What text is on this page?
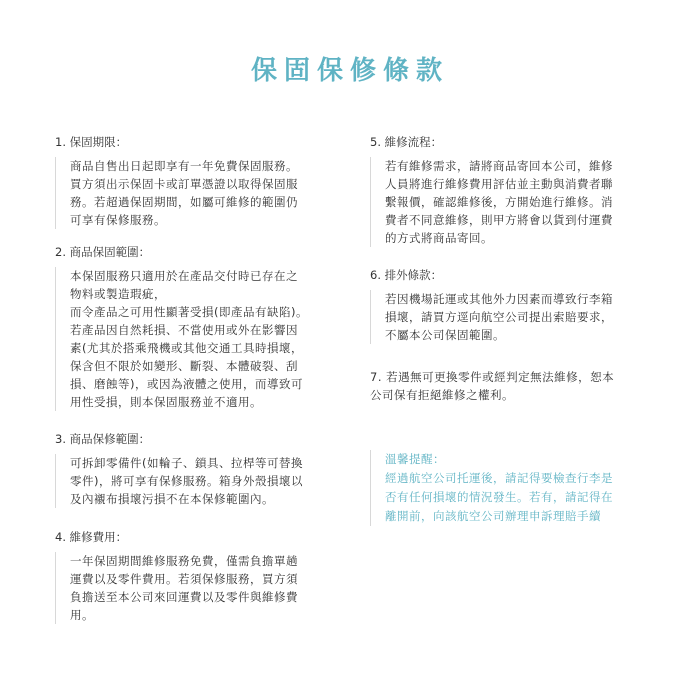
保固保修條款

1. 保固期限：

商品自售出日起即享有一年免費保固服務。

買方須出示保固卡或訂單憑證以取得保固服

務。若超過保固期間，如屬可維修的範圍仍

可享有保修服務。

2. 商品保固範圍：

本保固服務只適用於在產品交付時已存在之

物料或製造瑕疵，

而令產品之可用性顯著受損(即產品有缺陷)。

若產品因自然耗損、不當使用或外在影響因

素(尤其於搭乘飛機或其他交通工具時損壞，

保含但不限於如變形、斷裂、本體破裂、刮

損、磨蝕等)，或因為液體之使用，而導致可

用性受損，則本保固服務並不適用。

3. 商品保修範圍：

可拆卸零備件(如輪子、鎖具、拉桿等可替換

零件)，將可享有保修服務。箱身外殼損壞以

及內襯布損壞污損不在本保修範圍內。

4. 維修費用：

一年保固期間維修服務免費，僅需負擔單趟

運費以及零件費用。若須保修服務，買方須

負擔送至本公司來回運費以及零件與維修費

用。

5. 維修流程：

若有維修需求，請將商品寄回本公司，維修

人員將進行維修費用評估並主動與消費者聯

繫報價，確認維修後，方開始進行維修。消

費者不同意維修，則甲方將會以貨到付運費

的方式將商品寄回。

6. 排外條款：

若因機場託運或其他外力因素而導致行李箱

損壞，請買方逕向航空公司提出索賠要求，

不屬本公司保固範圍。

7. 若遇無可更換零件或經判定無法維修，恕本

公司保有拒絕維修之權利。

溫馨提醒：

經過航空公司托運後，請記得要檢查行李是

否有任何損壞的情況發生。若有，請記得在

離開前，向該航空公司辦理申訴理賠手續
